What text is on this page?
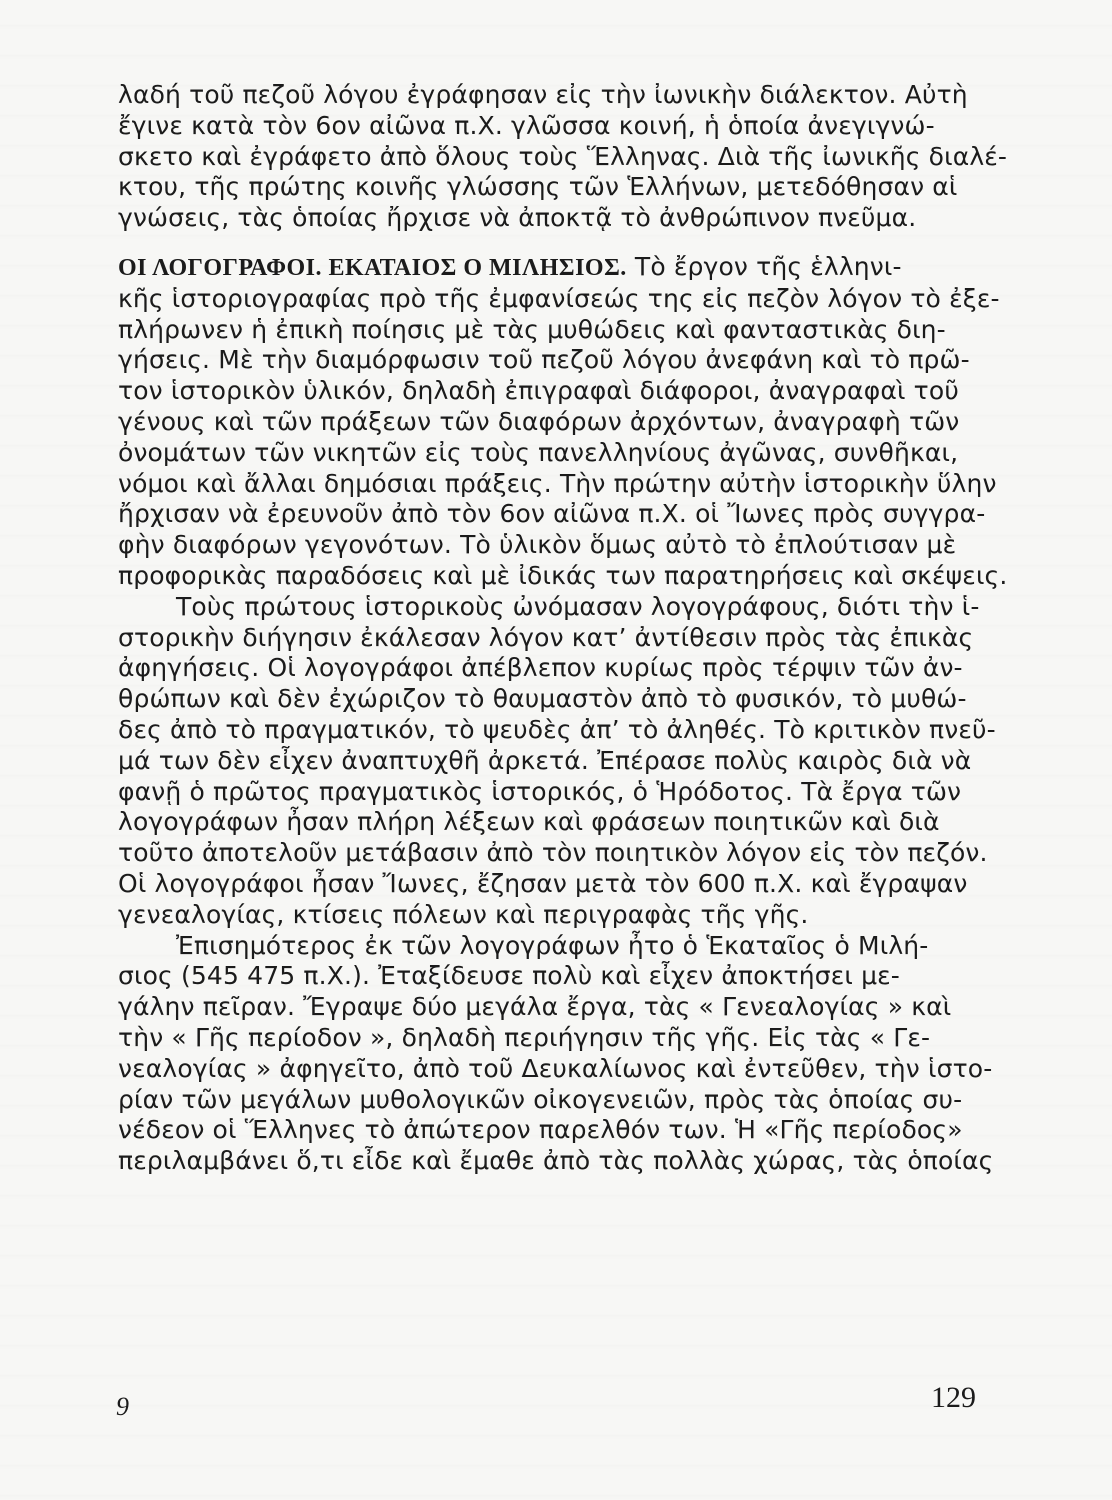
λαδή τοῦ πεζοῦ λόγου ἐγράφησαν εἰς τὴν ἰωνικὴν διάλεκτον. Αὐτὴ
ἔγινε κατὰ τὸν 6ον αἰῶνα π.Χ. γλῶσσα κοινή, ἡ ὁποία ἀνεγιγνώ-
σκετο καὶ ἐγράφετο ἀπὸ ὅλους τοὺς Ἕλληνας. Διὰ τῆς ἰωνικῆς διαλέ-
κτου, τῆς πρώτης κοινῆς γλώσσης τῶν Ἑλλήνων, μετεδόθησαν αἱ
γνώσεις, τὰς ὁποίας ἤρχισε νὰ ἀποκτᾷ τὸ ἀνθρώπινον πνεῦμα.
ΟΙ ΛΟΓΟΓΡΑΦΟΙ. ΕΚΑΤΑΙΟΣ Ο ΜΙΛΗΣΙΟΣ. Τὸ ἔργον τῆς ἑλληνι-
κῆς ἱστοριογραφίας πρὸ τῆς ἐμφανίσεώς της εἰς πεζὸν λόγον τὸ ἐξε-
πλήρωνεν ἡ ἐπικὴ ποίησις μὲ τὰς μυθώδεις καὶ φανταστικὰς διη-
γήσεις. Μὲ τὴν διαμόρφωσιν τοῦ πεζοῦ λόγου ἀνεφάνη καὶ τὸ πρῶ-
τον ἱστορικὸν ὑλικόν, δηλαδὴ ἐπιγραφαὶ διάφοροι, ἀναγραφαὶ τοῦ
γένους καὶ τῶν πράξεων τῶν διαφόρων ἀρχόντων, ἀναγραφὴ τῶν
ὀνομάτων τῶν νικητῶν εἰς τοὺς πανελληνίους ἀγῶνας, συνθῆκαι,
νόμοι καὶ ἄλλαι δημόσιαι πράξεις. Τὴν πρώτην αὐτὴν ἱστορικὴν ὕλην
ἤρχισαν νὰ ἐρευνοῦν ἀπὸ τὸν 6ον αἰῶνα π.Χ. οἱ Ἴωνες πρὸς συγγρα-
φὴν διαφόρων γεγονότων. Τὸ ὑλικὸν ὅμως αὐτὸ τὸ ἐπλούτισαν μὲ
προφορικὰς παραδόσεις καὶ μὲ ἰδικάς των παρατηρήσεις καὶ σκέψεις.
Τοὺς πρώτους ἱστορικοὺς ὠνόμασαν λογογράφους, διότι τὴν ἱ-
στορικὴν διήγησιν ἐκάλεσαν λόγον κατ’ ἀντίθεσιν πρὸς τὰς ἐπικὰς
ἀφηγήσεις. Οἱ λογογράφοι ἀπέβλεπον κυρίως πρὸς τέρψιν τῶν ἀν-
θρώπων καὶ δὲν ἐχώριζον τὸ θαυμαστὸν ἀπὸ τὸ φυσικόν, τὸ μυθώ-
δες ἀπὸ τὸ πραγματικόν, τὸ ψευδὲς ἀπ’ τὸ ἀληθές. Τὸ κριτικὸν πνεῦ-
μά των δὲν εἶχεν ἀναπτυχθῆ ἀρκετά. Ἐπέρασε πολὺς καιρὸς διὰ νὰ
φανῇ ὁ πρῶτος πραγματικὸς ἱστορικός, ὁ Ἡρόδοτος. Τὰ ἔργα τῶν
λογογράφων ἦσαν πλήρη λέξεων καὶ φράσεων ποιητικῶν καὶ διὰ
τοῦτο ἀποτελοῦν μετάβασιν ἀπὸ τὸν ποιητικὸν λόγον εἰς τὸν πεζόν.
Οἱ λογογράφοι ἦσαν Ἴωνες, ἔζησαν μετὰ τὸν 600 π.Χ. καὶ ἔγραψαν
γενεαλογίας, κτίσεις πόλεων καὶ περιγραφὰς τῆς γῆς.
Ἐπισημότερος ἐκ τῶν λογογράφων ἦτο ὁ Ἑκαταῖος ὁ Μιλή-
σιος (545 475 π.Χ.). Ἐταξίδευσε πολὺ καὶ εἶχεν ἀποκτήσει με-
γάλην πεῖραν. Ἔγραψε δύο μεγάλα ἔργα, τὰς « Γενεαλογίας » καὶ
τὴν « Γῆς περίοδον », δηλαδὴ περιήγησιν τῆς γῆς. Εἰς τὰς « Γε-
νεαλογίας » ἀφηγεῖτο, ἀπὸ τοῦ Δευκαλίωνος καὶ ἐντεῦθεν, τὴν ἱστο-
ρίαν τῶν μεγάλων μυθολογικῶν οἰκογενειῶν, πρὸς τὰς ὁποίας συ-
νέδεον οἱ Ἕλληνες τὸ ἀπώτερον παρελθόν των. Ἡ «Γῆς περίοδος»
περιλαμβάνει ὅ,τι εἶδε καὶ ἔμαθε ἀπὸ τὰς πολλὰς χώρας, τὰς ὁποίας
9	129
